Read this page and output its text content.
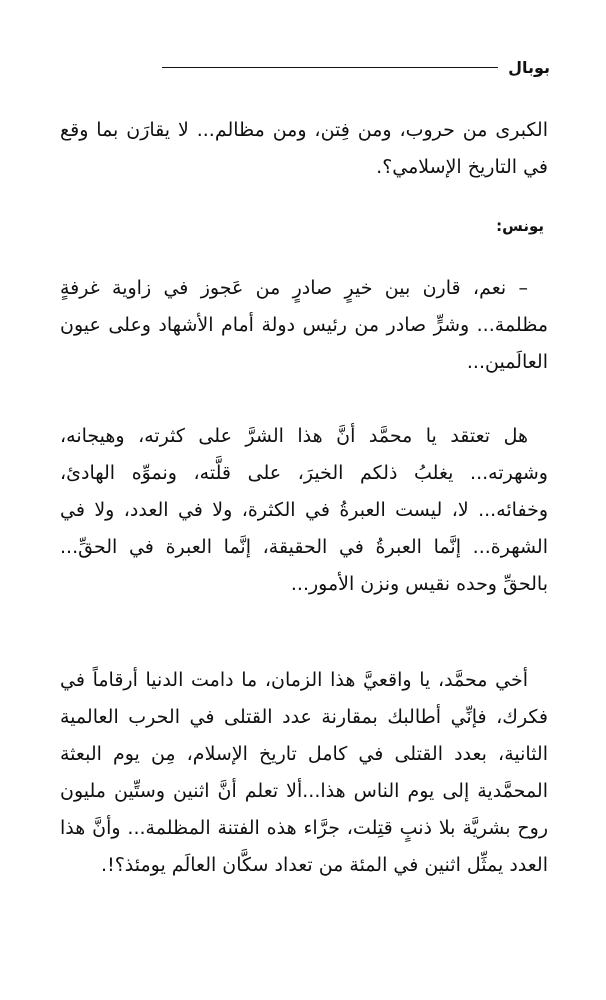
بوبال

الكبرى من حروب، ومن فِتن، ومن مظالم... لا يقارَن بما وقع في التاريخ الإسلامي؟.

يونس:

– نعم، قارن بين خيرٍ صادرٍ من عَجوز في زاوية غرفةٍ مظلمة... وشرٍّ صادر من رئيس دولة أمام الأشهاد وعلى عيون العالَمين...

هل تعتقد يا محمَّد أنَّ هذا الشرَّ على كثرته، وهيجانه، وشهرته... يغلبُ ذلكم الخيرَ، على قلَّته، ونموِّه الهادئ، وخفائه... لا، ليست العبرةُ في الكثرة، ولا في العدد، ولا في الشهرة... إنَّما العبرةُ في الحقيقة، إنَّما العبرة في الحقِّ... بالحقِّ وحده نقيس ونزن الأمور...

أخي محمَّد، يا واقعيَّ هذا الزمان، ما دامت الدنيا أرقاماً في فكرك، فإنِّي أطالبك بمقارنة عدد القتلى في الحرب العالمية الثانية، بعدد القتلى في كامل تاريخ الإسلام، مِن يوم البعثة المحمَّدية إلى يوم الناس هذا...ألا تعلم أنَّ اثنين وستِّين مليون روح بشريَّة بلا ذنبٍ قتِلت، جرَّاء هذه الفتنة المظلمة... وأنَّ هذا العدد يمثِّل اثنين في المئة من تعداد سكَّان العالَم يومئذ؟!.
